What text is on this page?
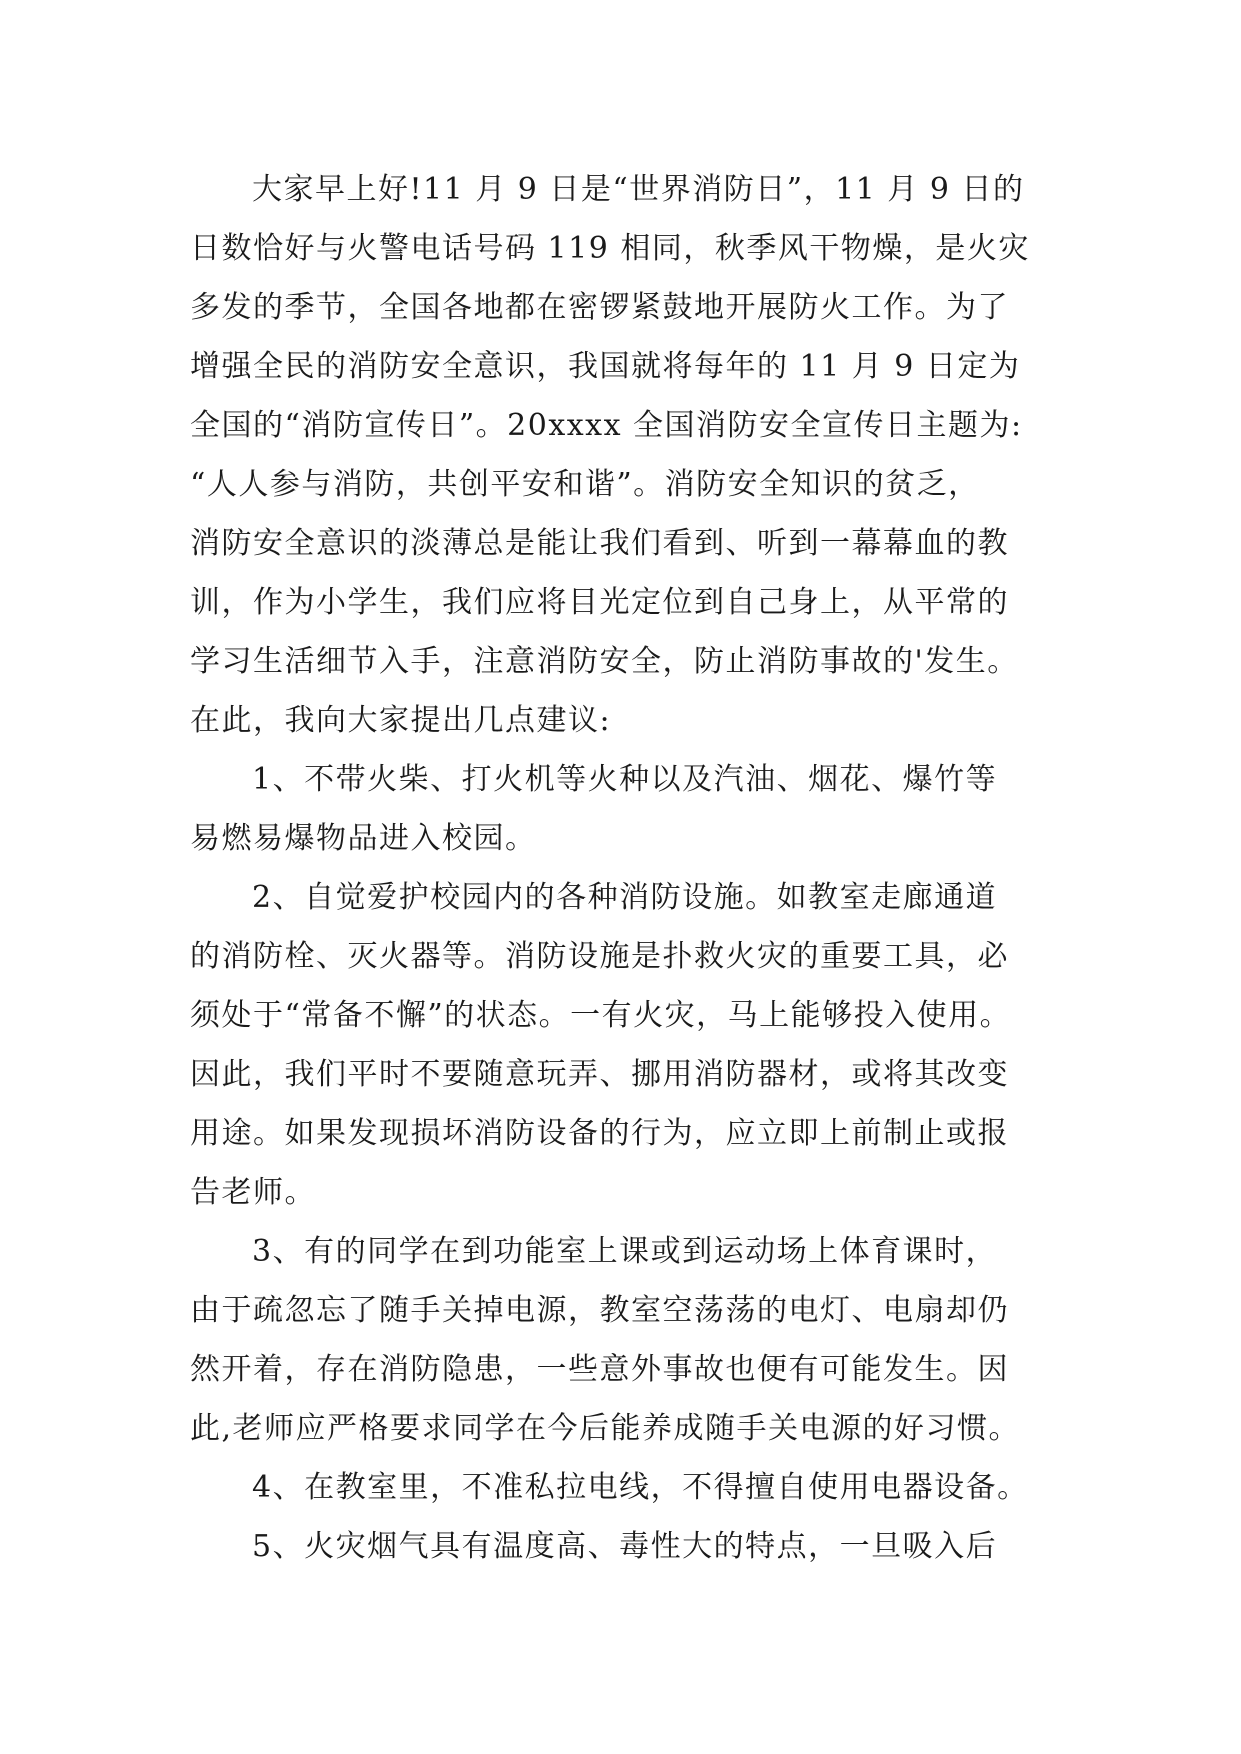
大家早上好!11 月 9 日是“世界消防日”，11 月 9 日的
日数恰好与火警电话号码 119 相同，秋季风干物燥，是火灾
多发的季节，全国各地都在密锣紧鼓地开展防火工作。为了
增强全民的消防安全意识，我国就将每年的 11 月 9 日定为
全国的“消防宣传日”。20xxxx 全国消防安全宣传日主题为:
“人人参与消防，共创平安和谐”。消防安全知识的贫乏，
消防安全意识的淡薄总是能让我们看到、听到一幕幕血的教
训，作为小学生，我们应将目光定位到自己身上，从平常的
学习生活细节入手，注意消防安全，防止消防事故的'发生。
在此，我向大家提出几点建议:
1、不带火柴、打火机等火种以及汽油、烟花、爆竹等
易燃易爆物品进入校园。
2、自觉爱护校园内的各种消防设施。如教室走廊通道
的消防栓、灭火器等。消防设施是扑救火灾的重要工具，必
须处于“常备不懈”的状态。一有火灾，马上能够投入使用。
因此，我们平时不要随意玩弄、挪用消防器材，或将其改变
用途。如果发现损坏消防设备的行为，应立即上前制止或报
告老师。
3、有的同学在到功能室上课或到运动场上体育课时，
由于疏忽忘了随手关掉电源，教室空荡荡的电灯、电扇却仍
然开着，存在消防隐患，一些意外事故也便有可能发生。因
此,老师应严格要求同学在今后能养成随手关电源的好习惯。
4、在教室里，不准私拉电线，不得擅自使用电器设备。
5、火灾烟气具有温度高、毒性大的特点，一旦吸入后
